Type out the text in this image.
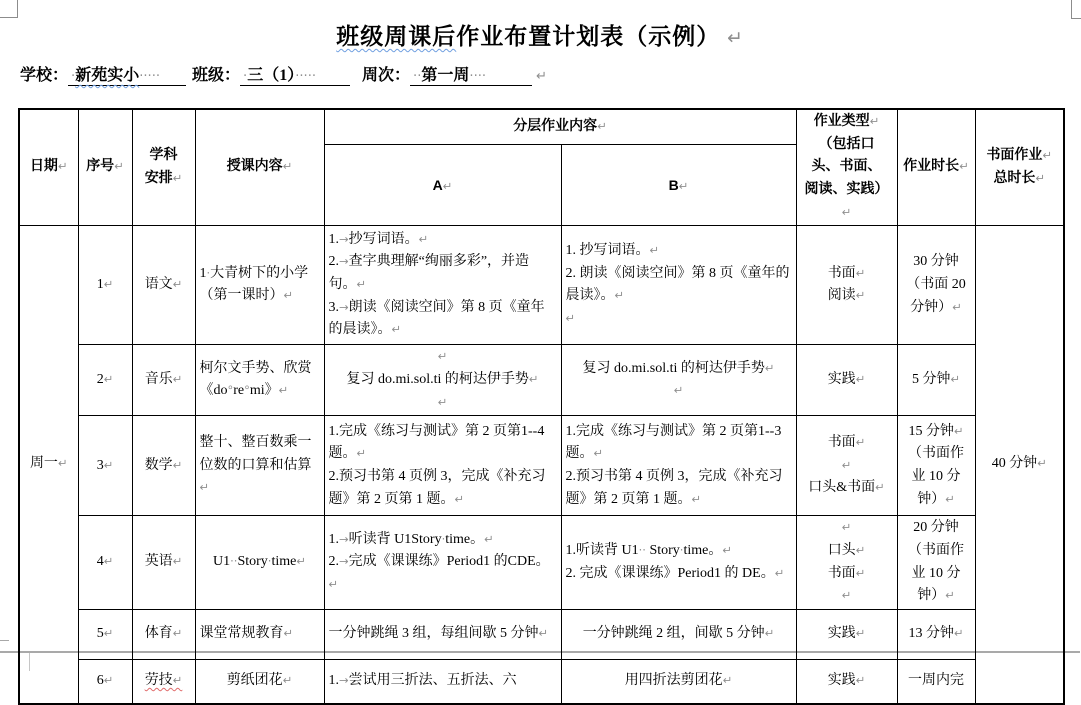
班级周课后作业布置计划表（示例） ↵
学校： ·新苑实小····· 班级： ·三（1）·····	周次： ··第一周····	↵
日期↵	序号↵	学科
安排↵	授课内容↵	分层作业内容↵		作业类型↵
（包括口
头、书面、
阅读、实践）↵	作业时长↵	书面作业↵
总时长↵
				A↵	B↵			
周一↵	1↵	语文↵	1·大青树下的小学（第一课时）↵	1.→抄写词语。↵
2.→查字典理解“绚丽多彩”，并造句。↵
3.→朗读《阅读空间》第 8 页《童年的晨读》。↵	1. 抄写词语。↵
2. 朗读《阅读空间》第 8 页《童年的晨读》。↵
↵	书面↵
阅读↵	30 分钟
（书面 20
分钟）↵	40 分钟↵
	2↵	音乐↵	柯尔文手势、欣赏《do°re°mi》↵	↵
复习 do.mi.sol.ti 的柯达伊手势↵
↵	复习 do.mi.sol.ti 的柯达伊手势↵
↵	实践↵	5 分钟↵	
	3↵	数学↵	整十、整百数乘一位数的口算和估算↵	1.完成《练习与测试》第 2 页第1--4 题。↵
2.预习书第 4 页例 3，完成《补充习题》第 2 页第 1 题。↵	1.完成《练习与测试》第 2 页第1--3 题。↵
2.预习书第 4 页例 3，完成《补充习题》第 2 页第 1 题。↵	书面↵
↵
口头&书面↵	15 分钟↵
（书面作
业 10 分
钟）↵	
	4↵	英语↵	U1··Story·time↵	1.→听读背 U1Story·time。↵
2.→完成《课课练》Period1 的CDE。↵	1.听读背 U1·· Story·time。↵
2. 完成《课课练》Period1 的 DE。↵	↵
口头↵
书面↵
↵	20 分钟
（书面作
业 10 分
钟）↵	
	5↵	体育↵	课堂常规教育↵	一分钟跳绳 3 组，每组间歇 5 分钟↵	一分钟跳绳 2 组，间歇 5 分钟↵	实践↵	13 分钟↵	
	6↵	劳技↵	剪纸团花↵	1.→尝试用三折法、五折法、六	用四折法剪团花↵	实践↵	一周内完	
